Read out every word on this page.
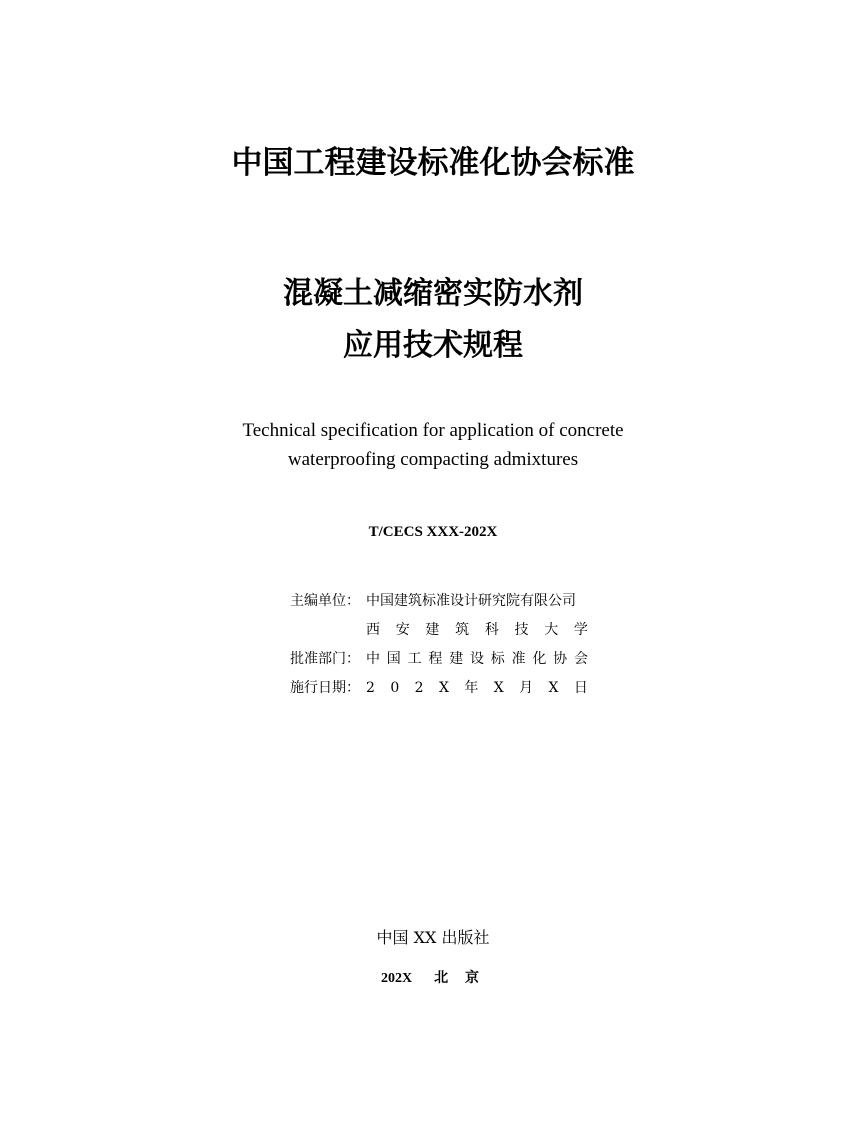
中国工程建设标准化协会标准
混凝土减缩密实防水剂
应用技术规程
Technical specification for application of concrete
waterproofing compacting admixtures
T/CECS XXX-202X
主编单位： 中国建筑标准设计研究院有限公司
西 安 建 筑 科 技 大 学
批准部门： 中 国 工 程 建 设 标 准 化 协 会
施行日期： 2 0 2 X 年 X 月 X 日
中国 XX 出版社
202X 北 京
